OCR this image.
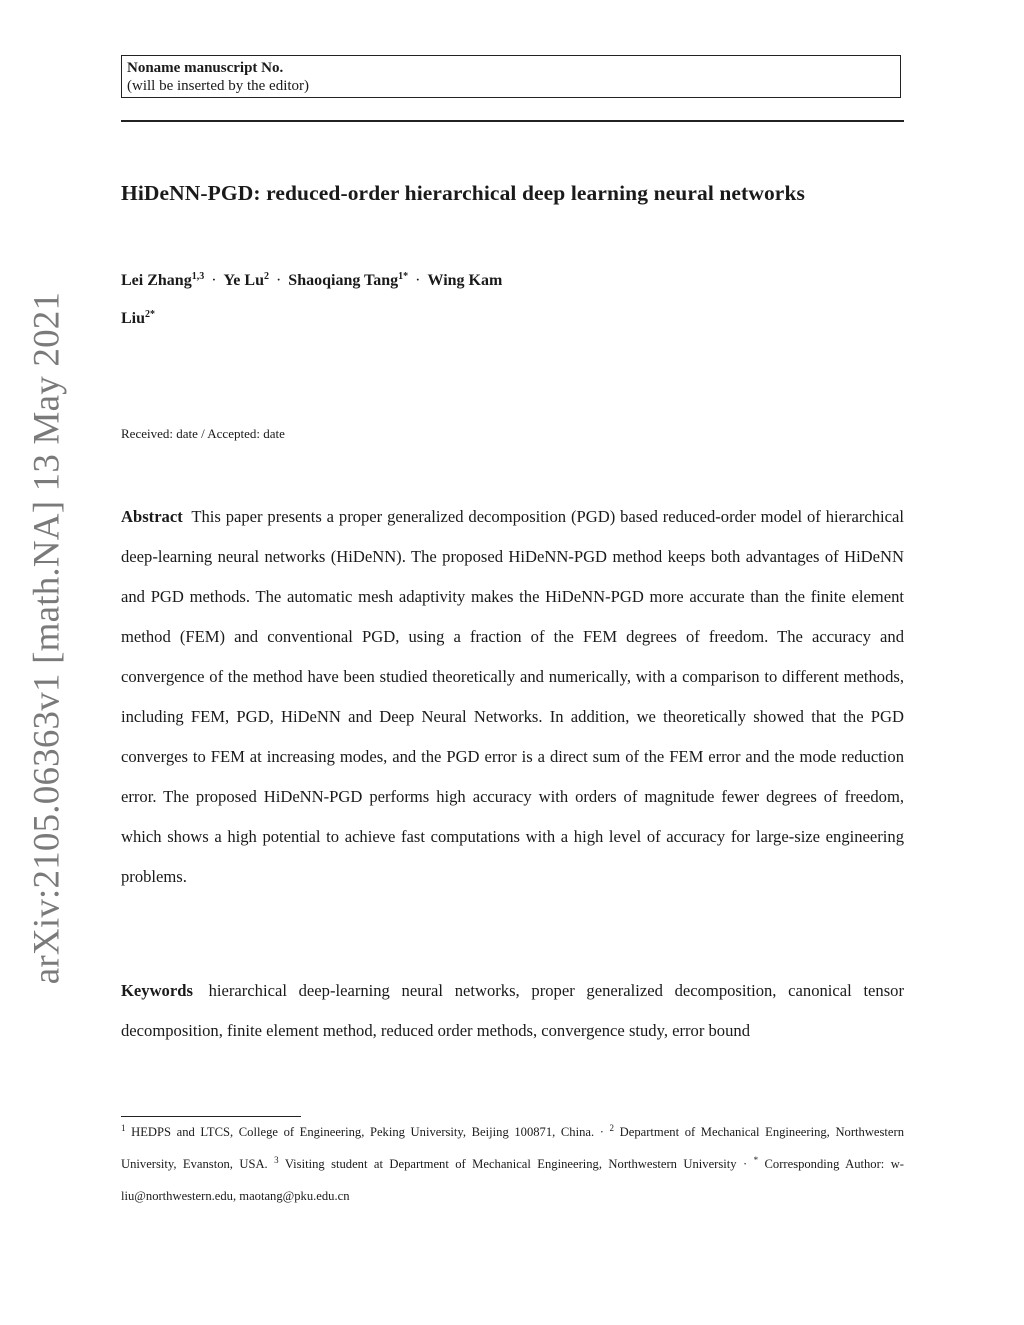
Noname manuscript No.
(will be inserted by the editor)
HiDeNN-PGD: reduced-order hierarchical deep learning neural networks
Lei Zhang$^{1,3}$ · Ye $Lu^2$ · Shaoqiang Tang$^{1*}$ · Wing Kam
Liu$^{2*}$
Received: date / Accepted: date
Abstract This paper presents a proper generalized decomposition (PGD) based reduced-order model of hierarchical deep-learning neural networks (HiDeNN). The proposed HiDeNN-PGD method keeps both advantages of HiDeNN and PGD methods. The automatic mesh adaptivity makes the HiDeNN-PGD more accurate than the finite element method (FEM) and conventional PGD, using a fraction of the FEM degrees of freedom. The accuracy and convergence of the method have been studied theoretically and numerically, with a comparison to different methods, including FEM, PGD, HiDeNN and Deep Neural Networks. In addition, we theoretically showed that the PGD converges to FEM at increasing modes, and the PGD error is a direct sum of the FEM error and the mode reduction error. The proposed HiDeNN-PGD performs high accuracy with orders of magnitude fewer degrees of freedom, which shows a high potential to achieve fast computations with a high level of accuracy for large-size engineering problems.
Keywords hierarchical deep-learning neural networks, proper generalized decomposition, canonical tensor decomposition, finite element method, reduced order methods, convergence study, error bound
$^1$ HEDPS and LTCS, College of Engineering, Peking University, Beijing 100871, China. · $^2$ Department of Mechanical Engineering, Northwestern University, Evanston, USA. $^3$ Visiting student at Department of Mechanical Engineering, Northwestern University · * Corresponding Author: w-liu@northwestern.edu, maotang@pku.edu.cn
arXiv:2105.06363v1 [math.NA] 13 May 2021
